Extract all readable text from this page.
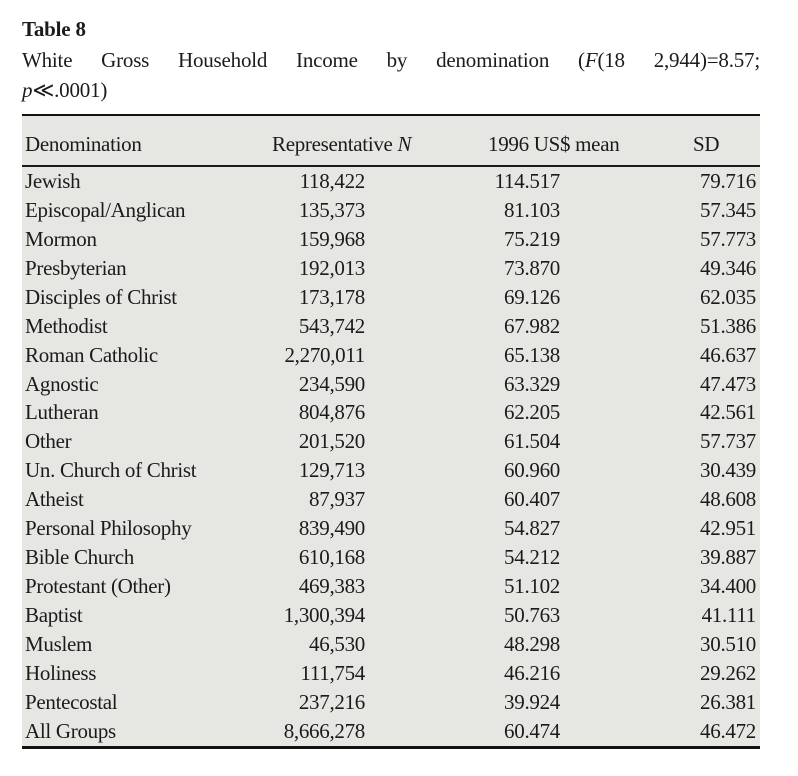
Table 8
White Gross Household Income by denomination (F(18 2,944)=8.57;
p≪.0001)
Denomination	Representative N	1996 US$ mean	SD
Jewish	118,422	114.517	79.716
Episcopal/Anglican	135,373	81.103	57.345
Mormon	159,968	75.219	57.773
Presbyterian	192,013	73.870	49.346
Disciples of Christ	173,178	69.126	62.035
Methodist	543,742	67.982	51.386
Roman Catholic	2,270,011	65.138	46.637
Agnostic	234,590	63.329	47.473
Lutheran	804,876	62.205	42.561
Other	201,520	61.504	57.737
Un. Church of Christ	129,713	60.960	30.439
Atheist	87,937	60.407	48.608
Personal Philosophy	839,490	54.827	42.951
Bible Church	610,168	54.212	39.887
Protestant (Other)	469,383	51.102	34.400
Baptist	1,300,394	50.763	41.111
Muslem	46,530	48.298	30.510
Holiness	111,754	46.216	29.262
Pentecostal	237,216	39.924	26.381
All Groups	8,666,278	60.474	46.472
